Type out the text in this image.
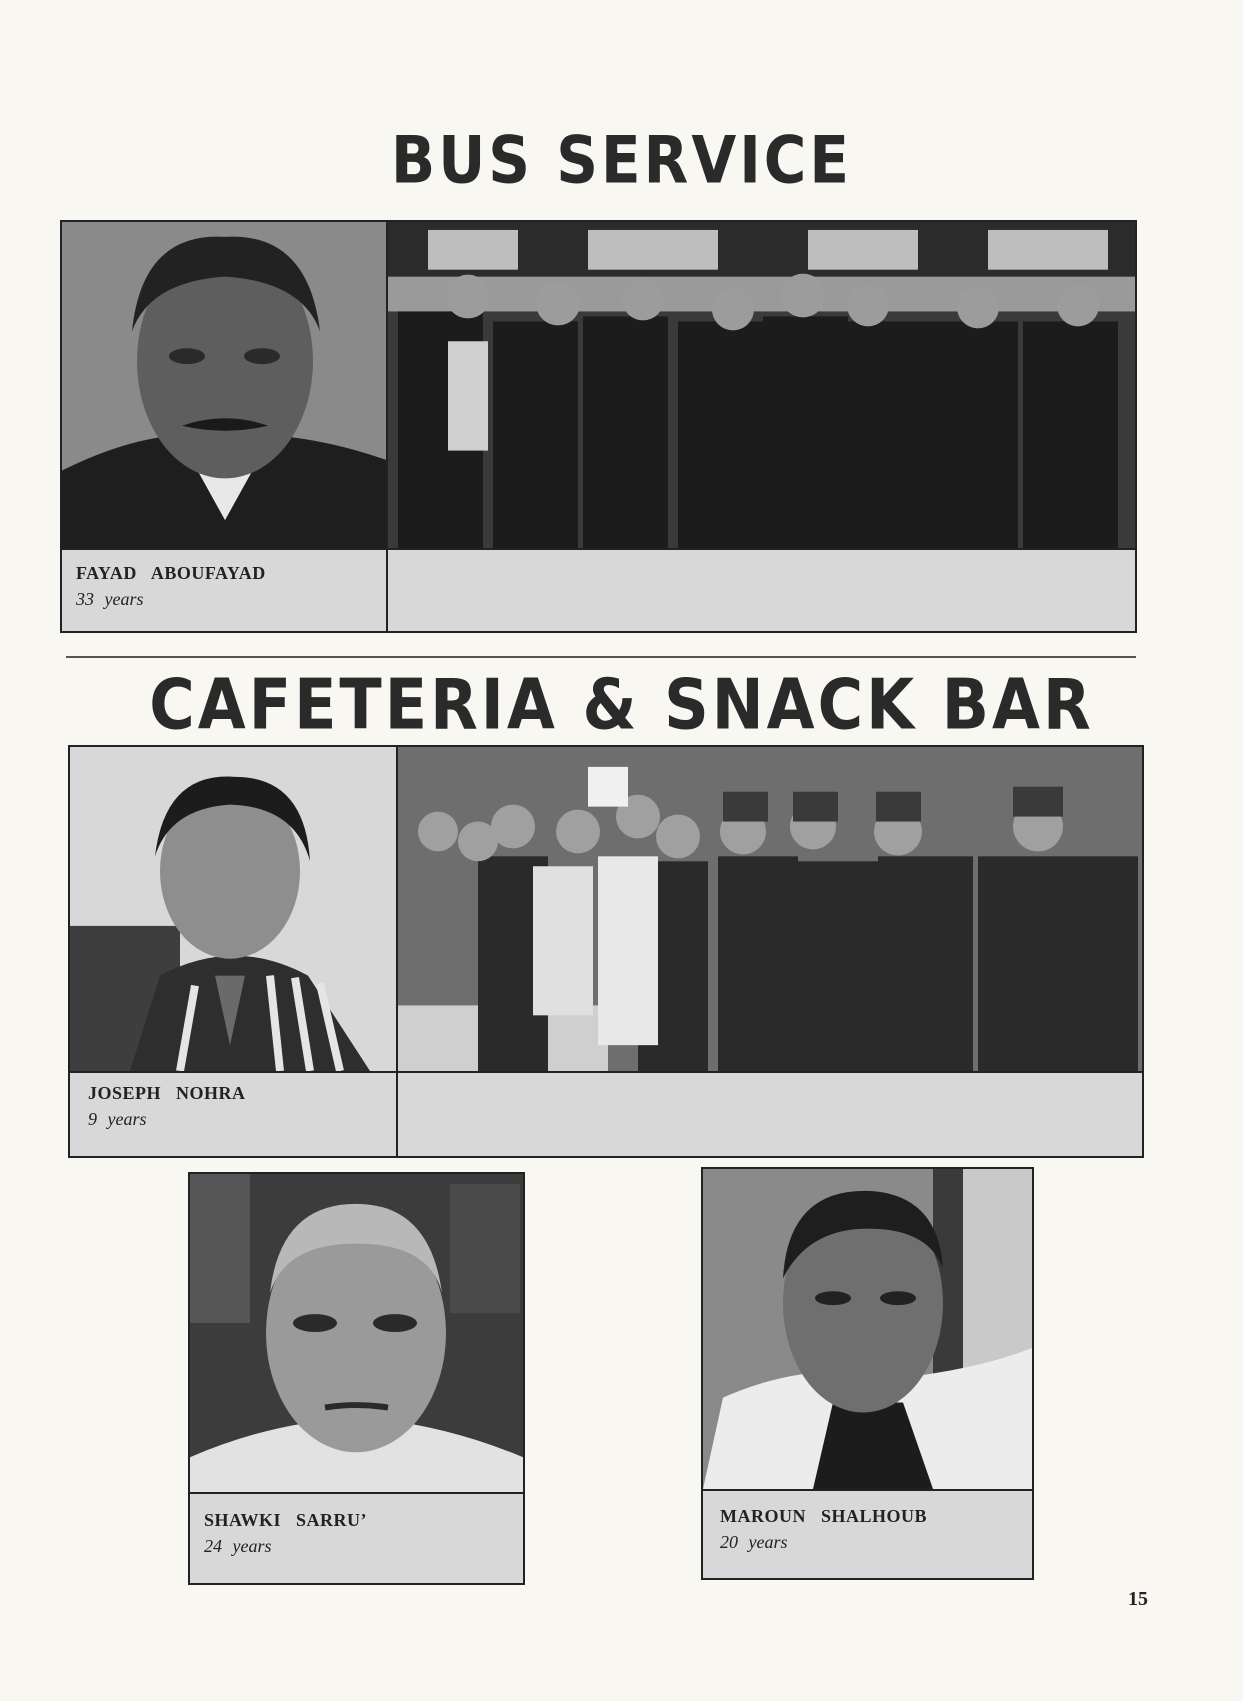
BUS SERVICE
FAYAD ABOUFAYAD
33 years
CAFETERIA & SNACK BAR
JOSEPH NOHRA
9 years
SHAWKI SARRU’
24 years
MAROUN SHALHOUB
20 years
15
